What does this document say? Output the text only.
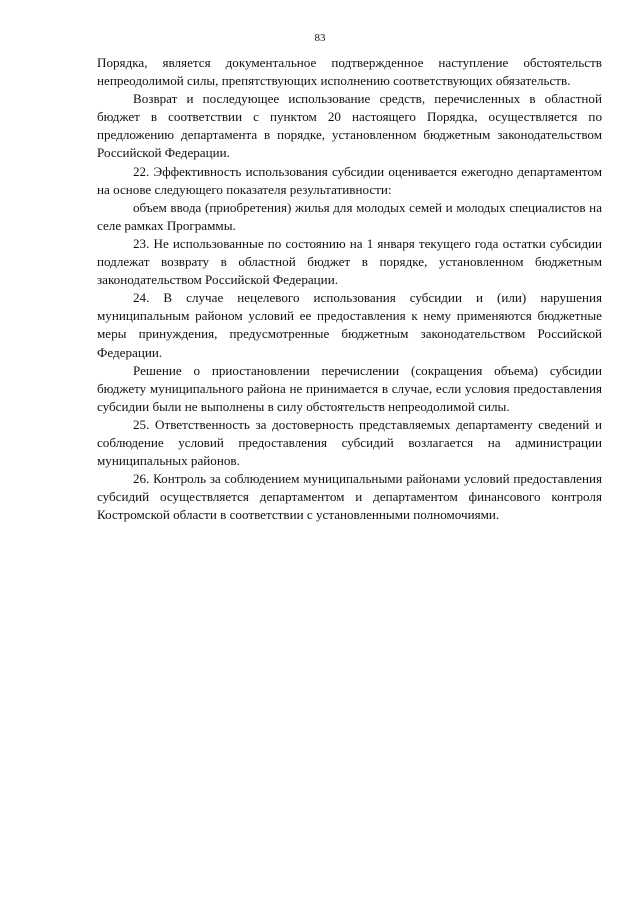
83

Порядка, является документальное подтвержденное наступление обстоятельств непреодолимой силы, препятствующих исполнению соответствующих обязательств.

Возврат и последующее использование средств, перечисленных в областной бюджет в соответствии с пунктом 20 настоящего Порядка, осуществляется по предложению департамента в порядке, установленном бюджетным законодательством Российской Федерации.

22. Эффективность использования субсидии оценивается ежегодно департаментом на основе следующего показателя результативности:

объем ввода (приобретения) жилья для молодых семей и молодых специалистов на селе рамках Программы.

23. Не использованные по состоянию на 1 января текущего года остатки субсидии подлежат возврату в областной бюджет в порядке, установленном бюджетным законодательством Российской Федерации.

24. В случае нецелевого использования субсидии и (или) нарушения муниципальным районом условий ее предоставления к нему применяются бюджетные меры принуждения, предусмотренные бюджетным законодательством Российской Федерации.

Решение о приостановлении перечислении (сокращения объема) субсидии бюджету муниципального района не принимается в случае, если условия предоставления субсидии были не выполнены в силу обстоятельств непреодолимой силы.

25. Ответственность за достоверность представляемых департаменту сведений и соблюдение условий предоставления субсидий возлагается на администрации муниципальных районов.

26. Контроль за соблюдением муниципальными районами условий предоставления субсидий осуществляется департаментом и департаментом финансового контроля Костромской области в соответствии с установленными полномочиями.
